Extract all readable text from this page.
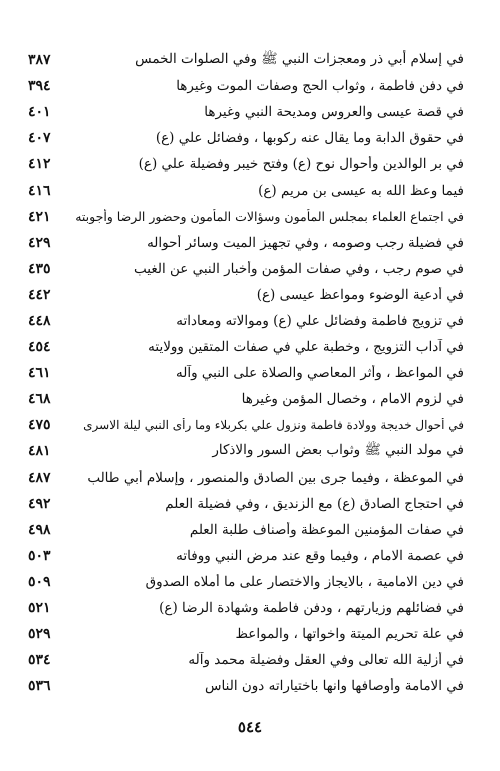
في إسلام أبي ذر ومعجزات النبي ﷺ وفي الصلوات الخمس
٣٨٧
في دفن فاطمة ، وثواب الحج وصفات الموت وغيرها
٣٩٤
في قصة عيسى والعروس ومديحة النبي وغيرها
٤٠١
في حقوق الدابة وما يقال عنه ركوبها ، وفضائل علي (ع)
٤٠٧
في بر الوالدين وأحوال نوح (ع) وفتح خيبر وفضيلة علي (ع)
٤١٢
فيما وعظ الله به عيسى بن مريم (ع)
٤١٦
في اجتماع العلماء بمجلس المأمون وسؤالات المأمون وحضور الرضا وأجوبته
٤٢١
في فضيلة رجب وصومه ، وفي تجهيز الميت وسائر أحواله
٤٢٩
في صوم رجب ، وفي صفات المؤمن وأخبار النبي عن الغيب
٤٣٥
في أدعية الوضوء ومواعظ عيسى (ع)
٤٤٢
في تزويج فاطمة وفضائل علي (ع) وموالاته ومعاداته
٤٤٨
في آداب التزويج ، وخطبة علي في صفات المتقين وولايته
٤٥٤
في المواعظ ، وأثر المعاصي والصلاة على النبي وآله
٤٦١
في لزوم الامام ، وخصال المؤمن وغيرها
٤٦٨
في أحوال خديجة وولادة فاطمة ونزول علي بكربلاء وما رأى النبي ليلة الاسرى
٤٧٥
في مولد النبي ﷺ وثواب بعض السور والاذكار
٤٨١
في الموعظة ، وفيما جرى بين الصادق والمنصور ، وإسلام أبي طالب
٤٨٧
في احتجاج الصادق (ع) مع الزنديق ، وفي فضيلة العلم
٤٩٢
في صفات المؤمنين الموعظة وأصناف طلبة العلم
٤٩٨
في عصمة الامام ، وفيما وقع عند مرض النبي ووفاته
٥٠٣
في دين الامامية ، بالايجاز والاختصار على ما أملاه الصدوق
٥٠٩
في فضائلهم وزيارتهم ، ودفن فاطمة وشهادة الرضا (ع)
٥٢١
في علة تحريم الميتة واخواتها ، والمواعظ
٥٢٩
في أزلية الله تعالى وفي العقل وفضيلة محمد وآله
٥٣٤
في الامامة وأوصافها وانها باختياراته دون الناس
٥٣٦
٥٤٤
